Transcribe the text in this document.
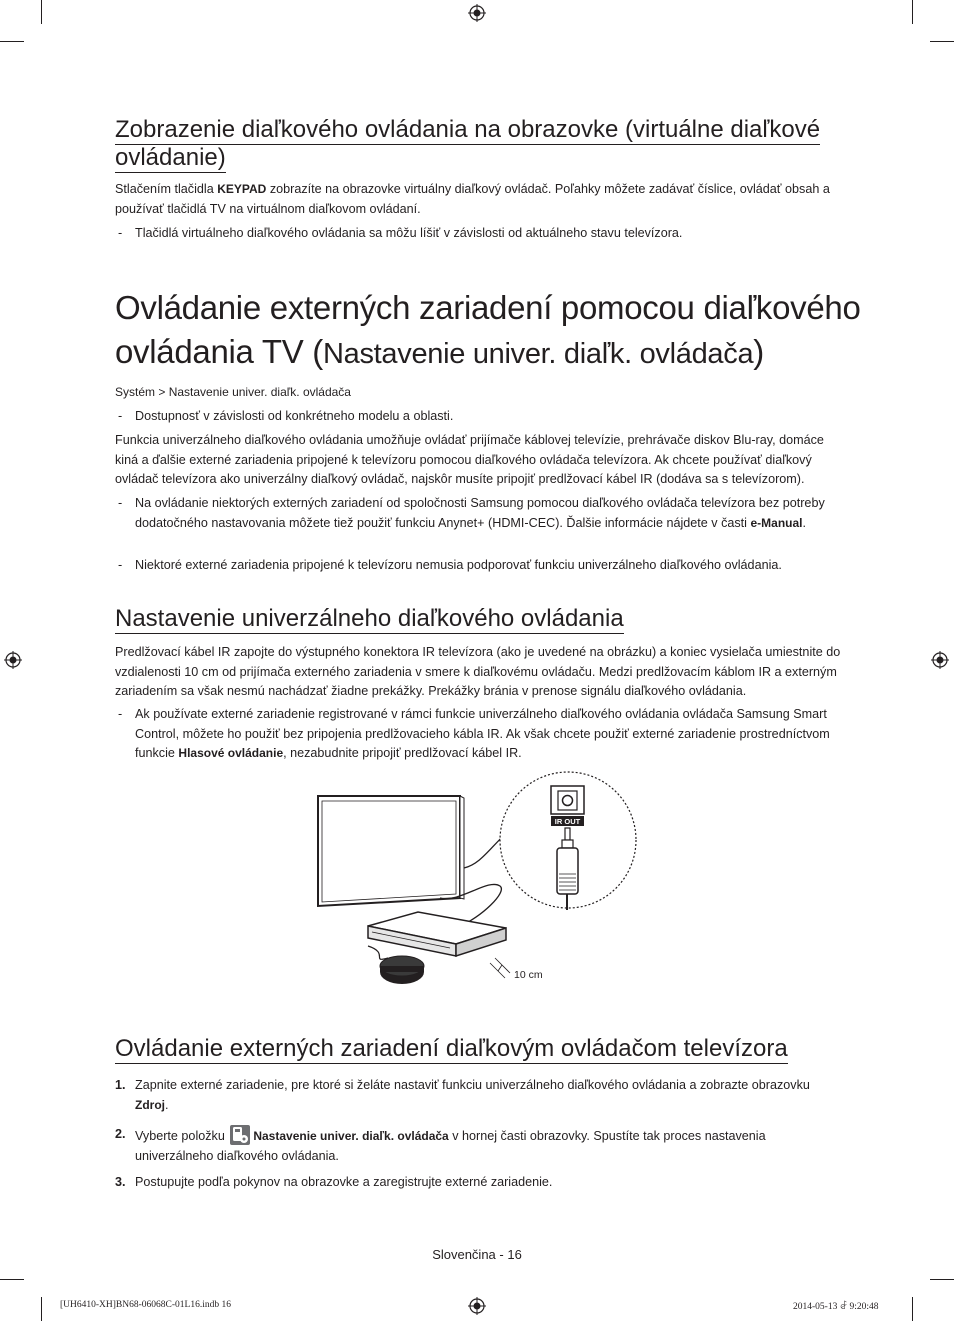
Zobrazenie diaľkového ovládania na obrazovke (virtuálne diaľkové ovládanie)

Stlačením tlačidla KEYPAD zobrazíte na obrazovke virtuálny diaľkový ovládač. Poľahky môžete zadávať číslice, ovládať obsah a používať tlačidlá TV na virtuálnom diaľkovom ovládaní.

- Tlačidlá virtuálneho diaľkového ovládania sa môžu líšiť v závislosti od aktuálneho stavu televízora.

Ovládanie externých zariadení pomocou diaľkového ovládania TV (Nastavenie univer. diaľk. ovládača)

Systém > Nastavenie univer. diaľk. ovládača

- Dostupnosť v závislosti od konkrétneho modelu a oblasti.

Funkcia univerzálneho diaľkového ovládania umožňuje ovládať prijímače káblovej televízie, prehrávače diskov Blu-ray, domáce kiná a ďalšie externé zariadenia pripojené k televízoru pomocou diaľkového ovládača televízora. Ak chcete používať diaľkový ovládač televízora ako univerzálny diaľkový ovládač, najskôr musíte pripojiť predlžovací kábel IR (dodáva sa s televízorom).

- Na ovládanie niektorých externých zariadení od spoločnosti Samsung pomocou diaľkového ovládača televízora bez potreby dodatočného nastavovania môžete tiež použiť funkciu Anynet+ (HDMI-CEC). Ďalšie informácie nájdete v časti e-Manual.

- Niektoré externé zariadenia pripojené k televízoru nemusia podporovať funkciu univerzálneho diaľkového ovládania.

Nastavenie univerzálneho diaľkového ovládania

Predlžovací kábel IR zapojte do výstupného konektora IR televízora (ako je uvedené na obrázku) a koniec vysielača umiestnite do vzdialenosti 10 cm od prijímača externého zariadenia v smere k diaľkovému ovládaču. Medzi predlžovacím káblom IR a externým zariadením sa však nesmú nachádzať žiadne prekážky. Prekážky bránia v prenose signálu diaľkového ovládania.

- Ak používate externé zariadenie registrované v rámci funkcie univerzálneho diaľkového ovládania ovládača Samsung Smart Control, môžete ho použiť bez pripojenia predlžovacieho kábla IR. Ak však chcete použiť externé zariadenie prostredníctvom funkcie Hlasové ovládanie, nezabudnite pripojiť predlžovací kábel IR.

IR OUT
10 cm
Ovládanie externých zariadení diaľkovým ovládačom televízora

1. Zapnite externé zariadenie, pre ktoré si želáte nastaviť funkciu univerzálneho diaľkového ovládania a zobrazte obrazovku Zdroj.

2. Vyberte položku
Nastavenie univer. diaľk. ovládača v hornej časti obrazovky. Spustíte tak proces nastavenia univerzálneho diaľkového ovládania.

3. Postupujte podľa pokynov na obrazovke a zaregistrujte externé zariadenie.

Slovenčina - 16
[UH6410-XH]BN68-06068C-01L16.indb 16	2014-05-13 ꆀ 9:20:48
